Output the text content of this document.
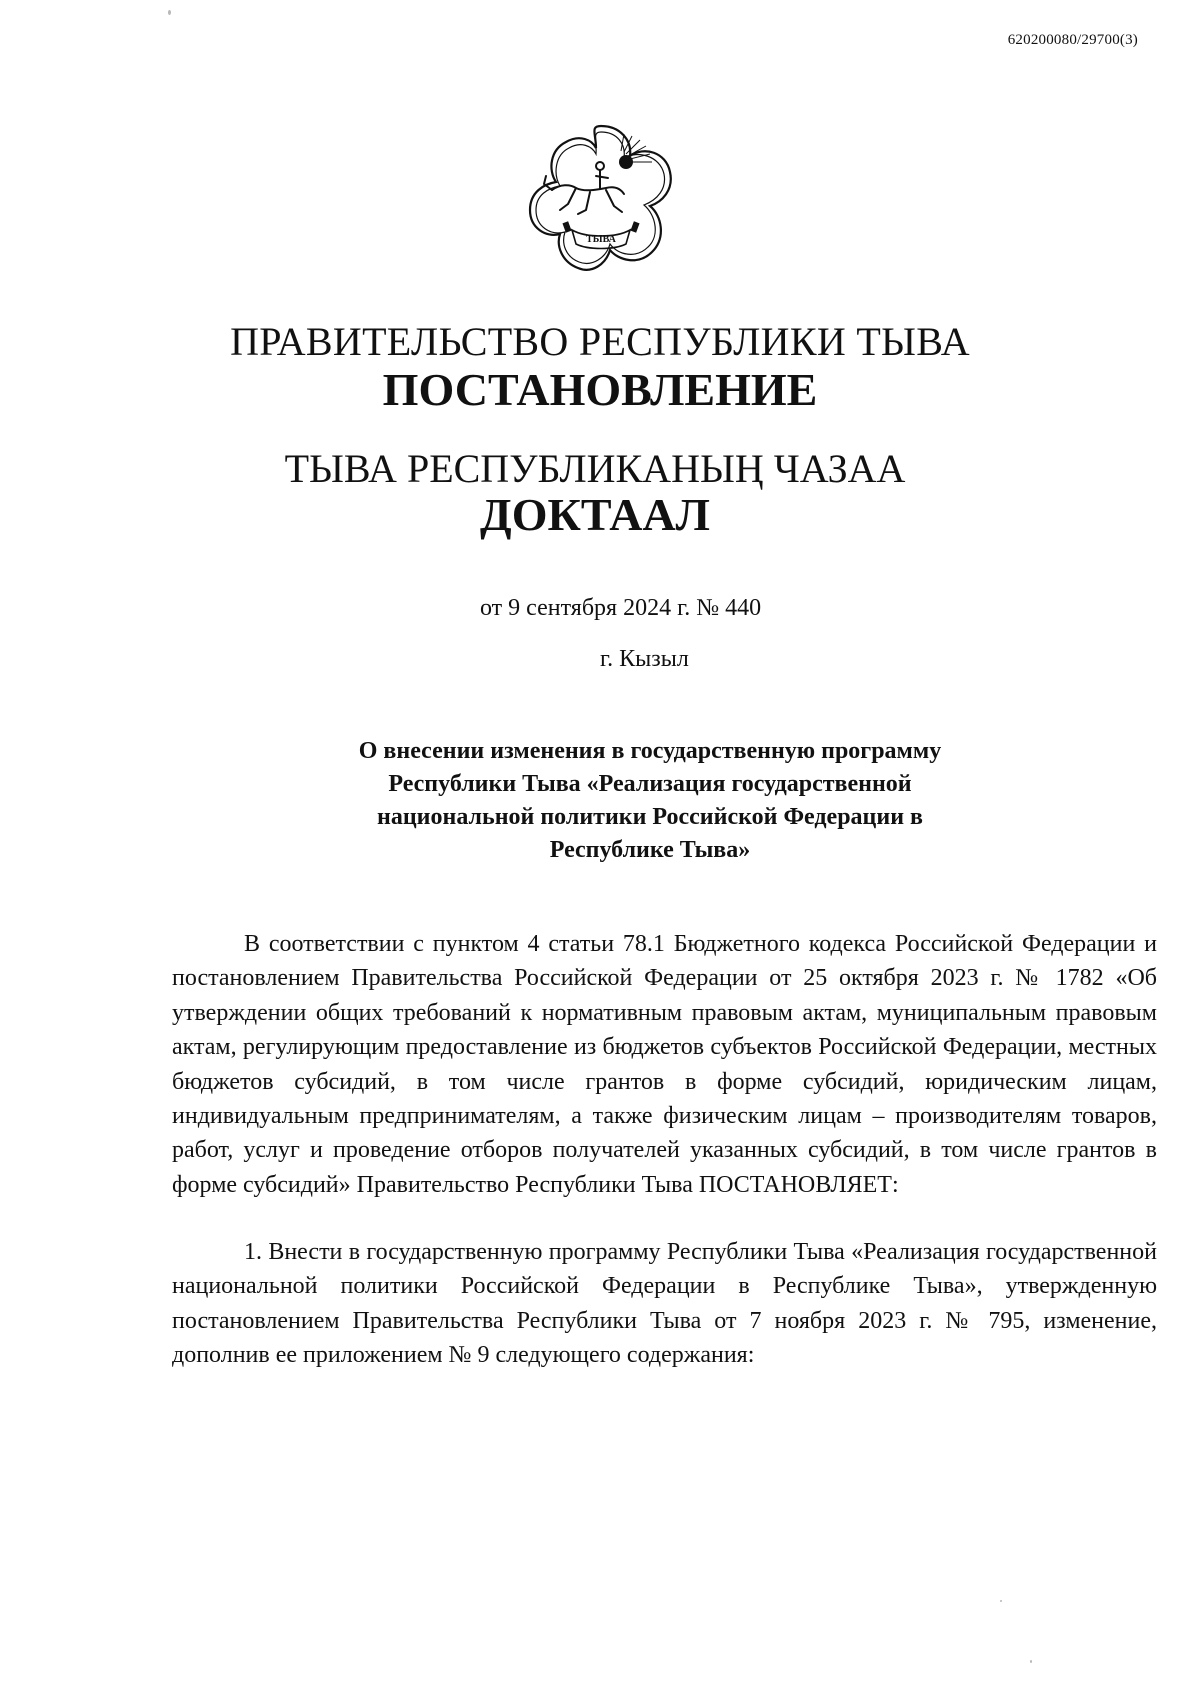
620200080/29700(3)
ТЫВА
ПРАВИТЕЛЬСТВО РЕСПУБЛИКИ ТЫВА
ПОСТАНОВЛЕНИЕ
ТЫВА РЕСПУБЛИКАНЫҢ ЧАЗАА
ДОКТААЛ
от 9 сентября 2024 г. № 440
г. Кызыл
О внесении изменения в государственную программу Республики Тыва «Реализация государственной национальной политики Российской Федерации в Республике Тыва»
В соответствии с пунктом 4 статьи 78.1 Бюджетного кодекса Российской Федерации и постановлением Правительства Российской Федерации от 25 октября 2023 г. № 1782 «Об утверждении общих требований к нормативным правовым актам, муниципальным правовым актам, регулирующим предоставление из бюджетов субъектов Российской Федерации, местных бюджетов субсидий, в том числе грантов в форме субсидий, юридическим лицам, индивидуальным предпринимателям, а также физическим лицам – производителям товаров, работ, услуг и проведение отборов получателей указанных субсидий, в том числе грантов в форме субсидий» Правительство Республики Тыва ПОСТАНОВЛЯЕТ:
1. Внести в государственную программу Республики Тыва «Реализация государственной национальной политики Российской Федерации в Республике Тыва», утвержденную постановлением Правительства Республики Тыва от 7 ноября 2023 г. № 795, изменение, дополнив ее приложением № 9 следующего содержания:
